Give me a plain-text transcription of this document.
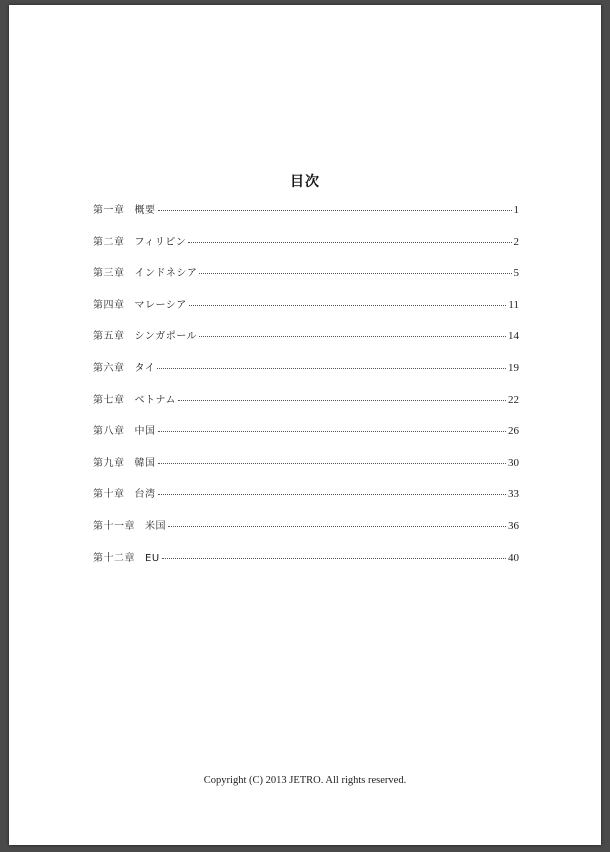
目次
第一章 概要	1
第二章 フィリピン	2
第三章 インドネシア	5
第四章 マレーシア	11
第五章 シンガポール	14
第六章 タイ	19
第七章 ベトナム	22
第八章 中国	26
第九章 韓国	30
第十章 台湾	33
第十一章 米国	36
第十二章 EU	40
Copyright (C) 2013 JETRO. All rights reserved.
